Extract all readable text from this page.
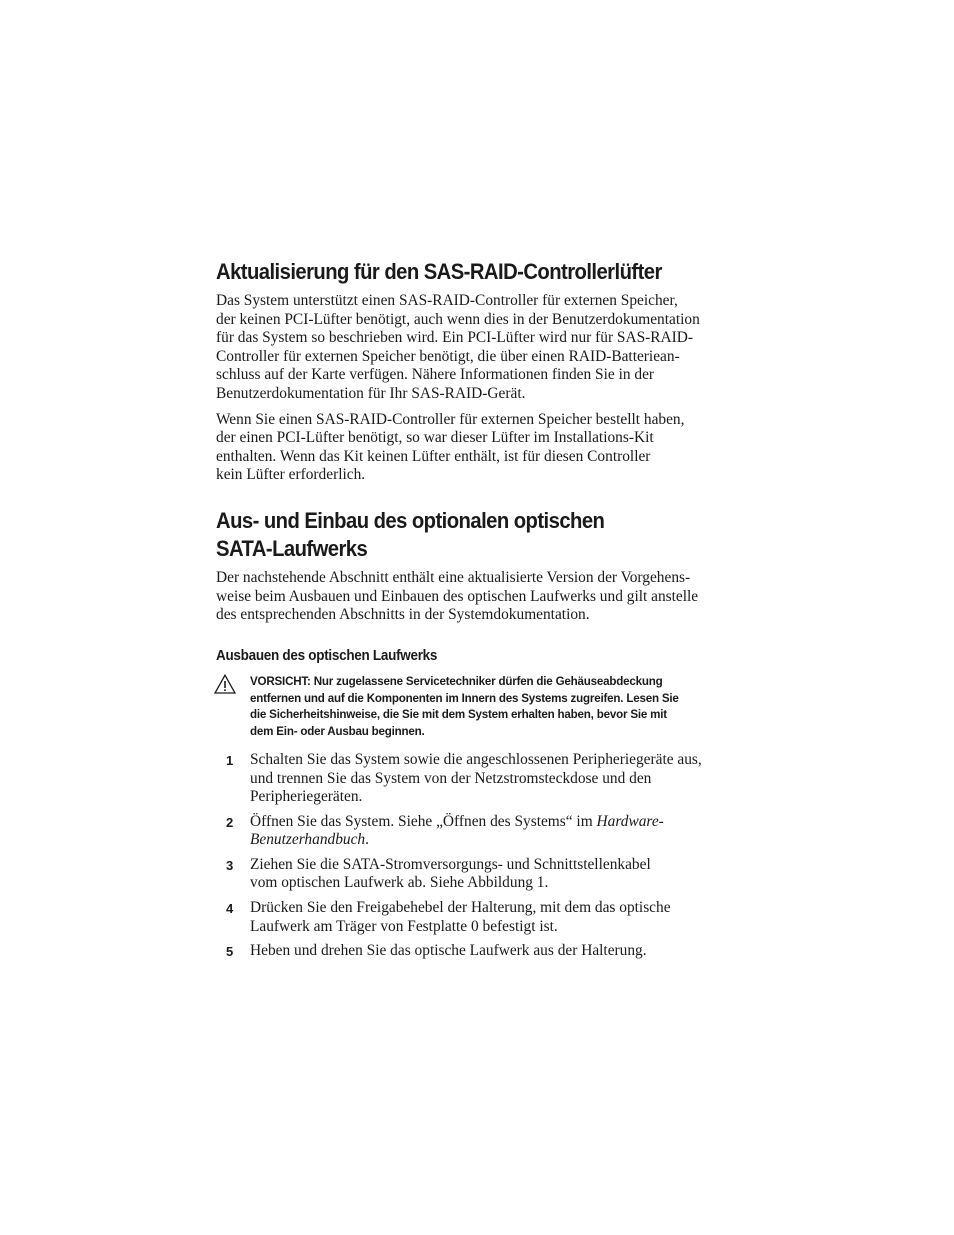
Aktualisierung für den SAS-RAID-Controllerlüfter

Das System unterstützt einen SAS-RAID-Controller für externen Speicher,
der keinen PCI-Lüfter benötigt, auch wenn dies in der Benutzerdokumentation
für das System so beschrieben wird. Ein PCI-Lüfter wird nur für SAS-RAID-
Controller für externen Speicher benötigt, die über einen RAID-Batteriean-
schluss auf der Karte verfügen. Nähere Informationen finden Sie in der
Benutzerdokumentation für Ihr SAS-RAID-Gerät.

Wenn Sie einen SAS-RAID-Controller für externen Speicher bestellt haben,
der einen PCI-Lüfter benötigt, so war dieser Lüfter im Installations-Kit
enthalten. Wenn das Kit keinen Lüfter enthält, ist für diesen Controller
kein Lüfter erforderlich.

Aus- und Einbau des optionalen optischen
SATA-Laufwerks

Der nachstehende Abschnitt enthält eine aktualisierte Version der Vorgehens-
weise beim Ausbauen und Einbauen des optischen Laufwerks und gilt anstelle
des entsprechenden Abschnitts in der Systemdokumentation.

Ausbauen des optischen Laufwerks
VORSICHT: Nur zugelassene Servicetechniker dürfen die Gehäuseabdeckung
entfernen und auf die Komponenten im Innern des Systems zugreifen. Lesen Sie
die Sicherheitshinweise, die Sie mit dem System erhalten haben, bevor Sie mit
dem Ein- oder Ausbau beginnen.
1 Schalten Sie das System sowie die angeschlossenen Peripheriegeräte aus,
und trennen Sie das System von der Netzstromsteckdose und den
Peripheriegeräten.
2 Öffnen Sie das System. Siehe „Öffnen des Systems“ im Hardware-
Benutzerhandbuch.
3 Ziehen Sie die SATA-Stromversorgungs- und Schnittstellenkabel
vom optischen Laufwerk ab. Siehe Abbildung 1.
4 Drücken Sie den Freigabehebel der Halterung, mit dem das optische
Laufwerk am Träger von Festplatte 0 befestigt ist.
5 Heben und drehen Sie das optische Laufwerk aus der Halterung.
